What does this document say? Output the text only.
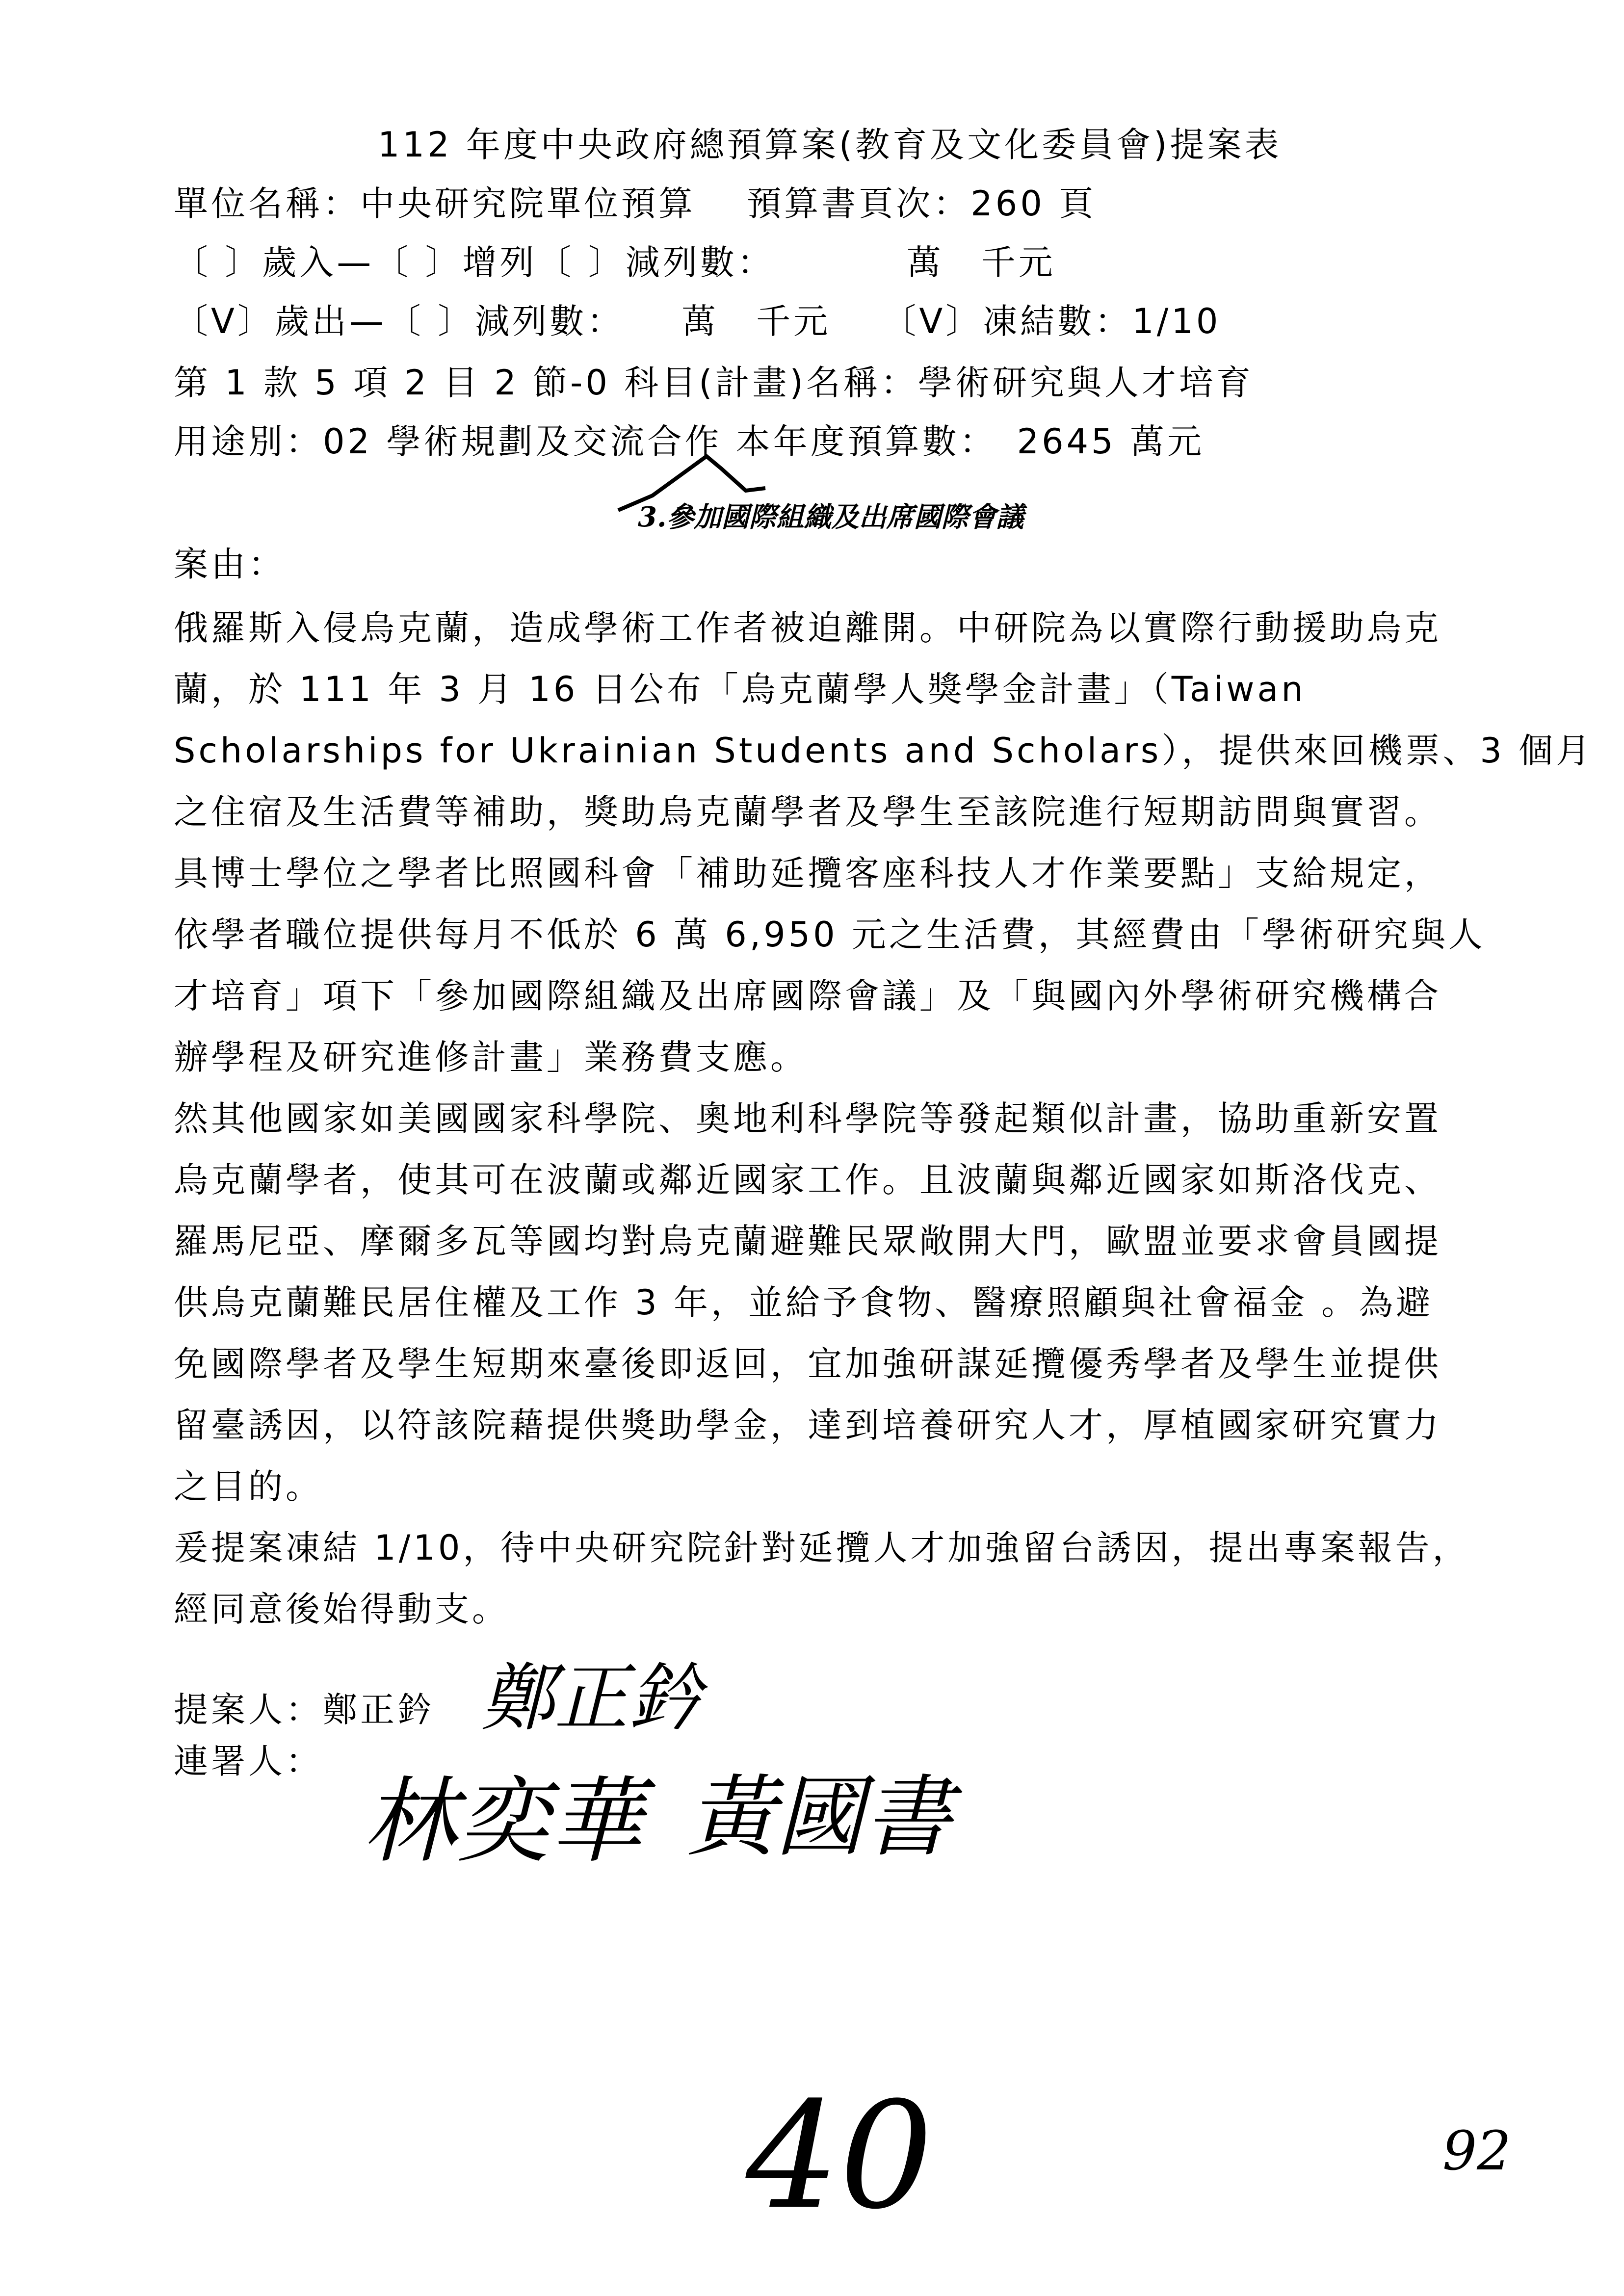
112 年度中央政府總預算案(教育及文化委員會)提案表
單位名稱：中央研究院單位預算　 預算書頁次：260 頁
〔 〕歲入—〔 〕增列〔 〕減列數：　　　　萬　千元
〔V〕歲出—〔 〕減列數：　　萬　千元　 〔V〕凍結數：1/10
第 1 款 5 項 2 目 2 節-0 科目(計畫)名稱：學術研究與人才培育
用途別：02 學術規劃及交流合作 本年度預算數：　2645 萬元
3.參加國際組織及出席國際會議
案由：
俄羅斯入侵烏克蘭，造成學術工作者被迫離開。中研院為以實際行動援助烏克
蘭，於 111 年 3 月 16 日公布「烏克蘭學人獎學金計畫」（Taiwan
Scholarships for Ukrainian Students and Scholars），提供來回機票、3 個月
之住宿及生活費等補助，獎助烏克蘭學者及學生至該院進行短期訪問與實習。
具博士學位之學者比照國科會「補助延攬客座科技人才作業要點」支給規定，
依學者職位提供每月不低於 6 萬 6,950 元之生活費，其經費由「學術研究與人
才培育」項下「參加國際組織及出席國際會議」及「與國內外學術研究機構合
辦學程及研究進修計畫」業務費支應。
然其他國家如美國國家科學院、奧地利科學院等發起類似計畫，協助重新安置
烏克蘭學者，使其可在波蘭或鄰近國家工作。且波蘭與鄰近國家如斯洛伐克、
羅馬尼亞、摩爾多瓦等國均對烏克蘭避難民眾敞開大門，歐盟並要求會員國提
供烏克蘭難民居住權及工作 3 年，並給予食物、醫療照顧與社會福金 。為避
免國際學者及學生短期來臺後即返回，宜加強研謀延攬優秀學者及學生並提供
留臺誘因，以符該院藉提供獎助學金，達到培養研究人才，厚植國家研究實力
之目的。
爰提案凍結 1/10，待中央研究院針對延攬人才加強留台誘因，提出專案報告，
經同意後始得動支。
提案人：鄭正鈐 鄭正鈐
連署人：
林奕華 黃國書
40	92
